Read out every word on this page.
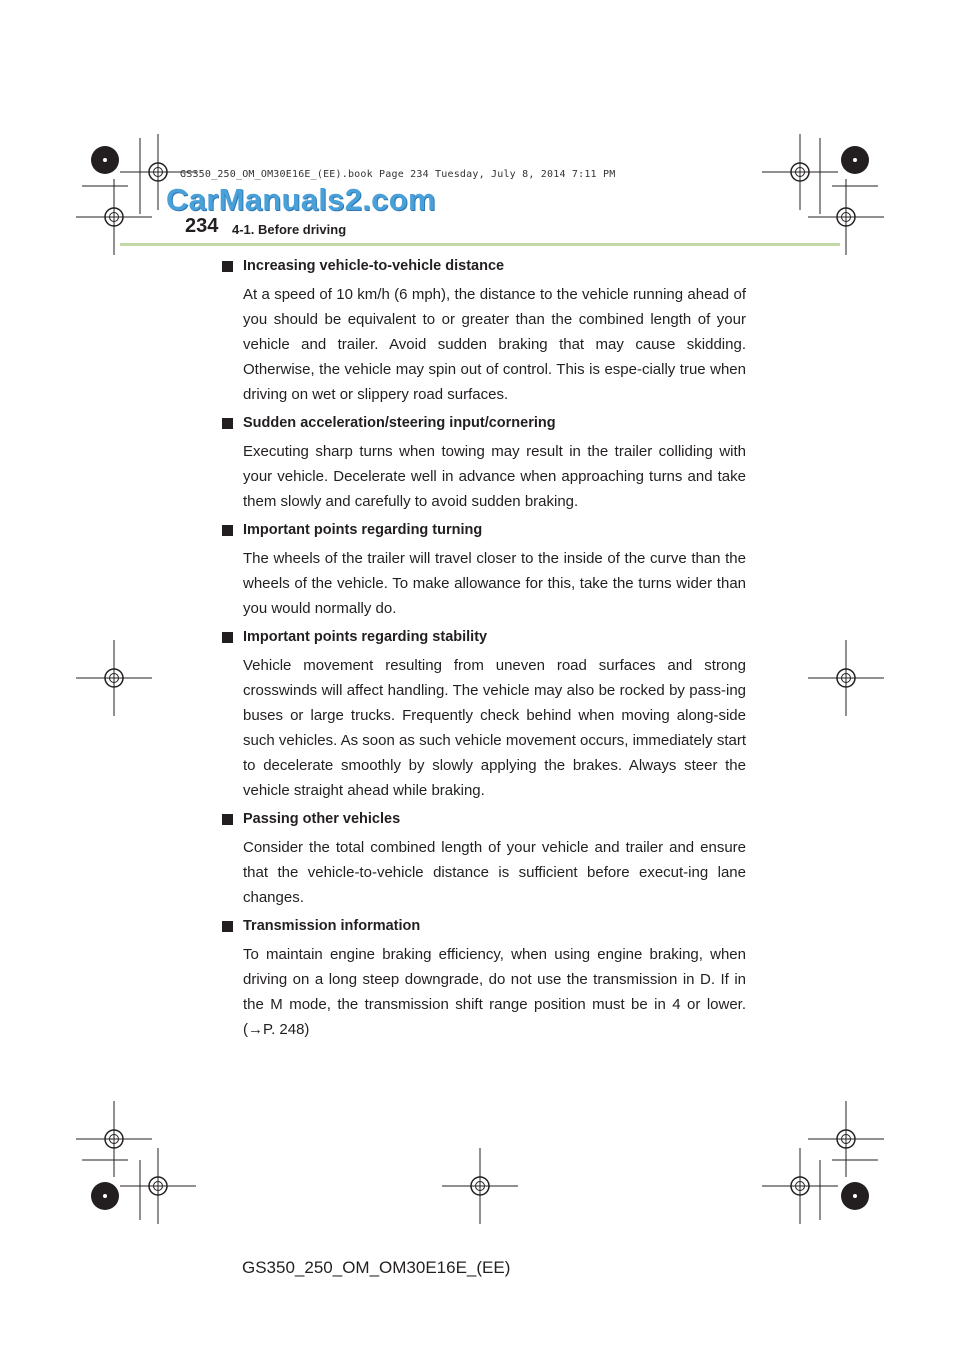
GS350_250_OM_OM30E16E_(EE).book Page 234 Tuesday, July 8, 2014 7:11 PM
CarManuals2.com
234 4-1. Before driving
Increasing vehicle-to-vehicle distance

At a speed of 10 km/h (6 mph), the distance to the vehicle running ahead of you should be equivalent to or greater than the combined length of your vehicle and trailer. Avoid sudden braking that may cause skidding. Otherwise, the vehicle may spin out of control. This is espe-cially true when driving on wet or slippery road surfaces.

Sudden acceleration/steering input/cornering

Executing sharp turns when towing may result in the trailer colliding with your vehicle. Decelerate well in advance when approaching turns and take them slowly and carefully to avoid sudden braking.

Important points regarding turning

The wheels of the trailer will travel closer to the inside of the curve than the wheels of the vehicle. To make allowance for this, take the turns wider than you would normally do.

Important points regarding stability

Vehicle movement resulting from uneven road surfaces and strong crosswinds will affect handling. The vehicle may also be rocked by pass-ing buses or large trucks. Frequently check behind when moving along-side such vehicles. As soon as such vehicle movement occurs, immediately start to decelerate smoothly by slowly applying the brakes. Always steer the vehicle straight ahead while braking.

Passing other vehicles

Consider the total combined length of your vehicle and trailer and ensure that the vehicle-to-vehicle distance is sufficient before execut-ing lane changes.

Transmission information

To maintain engine braking efficiency, when using engine braking, when driving on a long steep downgrade, do not use the transmission in D. If in the M mode, the transmission shift range position must be in 4 or lower. (→P. 248)

GS350_250_OM_OM30E16E_(EE)
